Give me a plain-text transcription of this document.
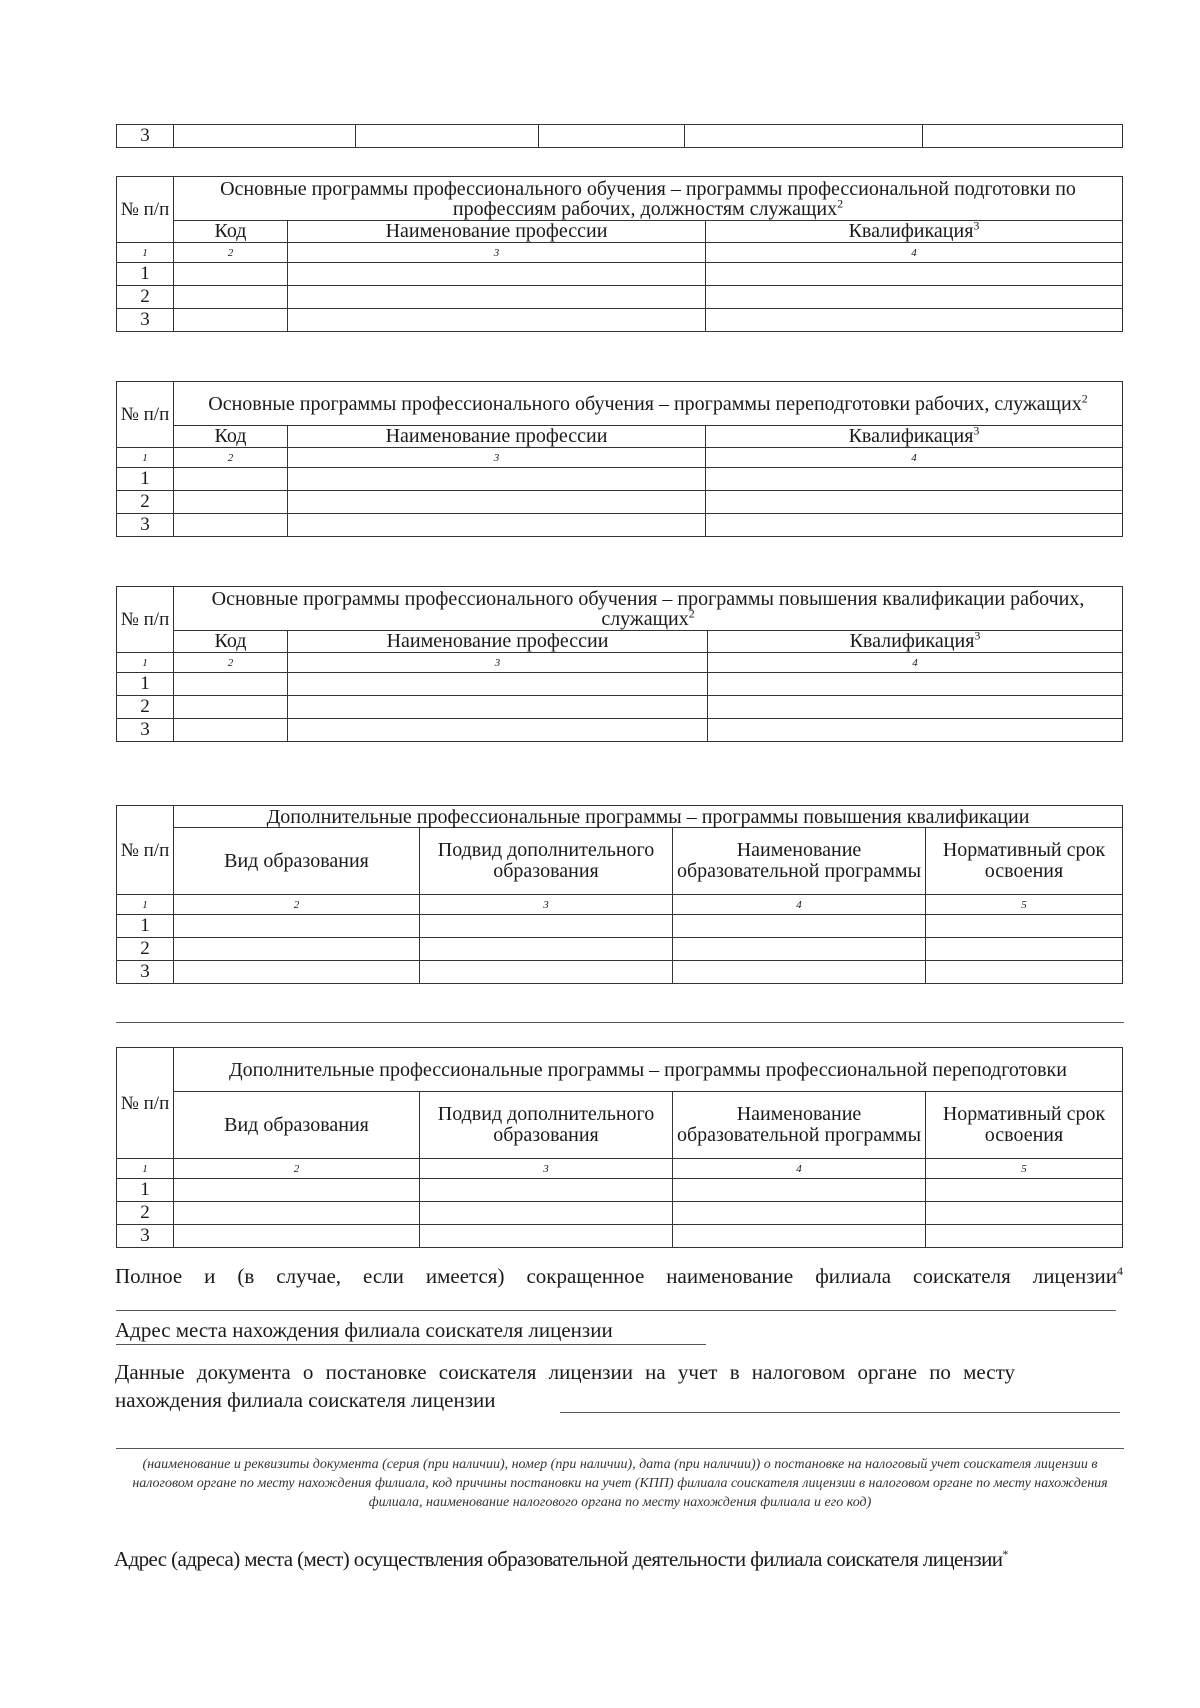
3					
№ п/п	Основные программы профессионального обучения – программы профессиональной подготовки по профессиям рабочих, должностям служащих$^2$
	Код	Наименование профессии	Квалификация$^3$
1	2	3	4
1			
2			
3			
№ п/п	Основные программы профессионального обучения – программы переподготовки рабочих, служащих$^2$
	Код	Наименование профессии	Квалификация$^3$
1	2	3	4
1			
2			
3			
№ п/п	Основные программы профессионального обучения – программы повышения квалификации рабочих, служащих$^2$
	Код	Наименование профессии	Квалификация$^3$
1	2	3	4
1			
2			
3			
№ п/п	Дополнительные профессиональные программы – программы повышения квалификации			
	Вид образования	Подвид дополнительного образования	Наименование образовательной программы	Нормативный срок освоения
1	2	3	4	5
1				
2				
3				
№ п/п	Дополнительные профессиональные программы – программы профессиональной переподготовки			
	Вид образования	Подвид дополнительного образования	Наименование образовательной программы	Нормативный срок освоения
1	2	3	4	5
1				
2				
3				
Полное и (в случае, если имеется) сокращенное наименование филиала соискателя лицензии$^4$
Адрес места нахождения филиала соискателя лицензии
Данные документа о постановке соискателя лицензии на учет в налоговом органе по месту нахождения филиала соискателя лицензии
(наименование и реквизиты документа (серия (при наличии), номер (при наличии), дата (при наличии)) о постановке на налоговый учет соискателя лицензии в налоговом органе по месту нахождения филиала, код причины постановки на учет (КПП) филиала соискателя лицензии в налоговом органе по месту нахождения филиала, наименование налогового органа по месту нахождения филиала и его код)
Адрес (адреса) места (мест) осуществления образовательной деятельности филиала соискателя лицензии*
